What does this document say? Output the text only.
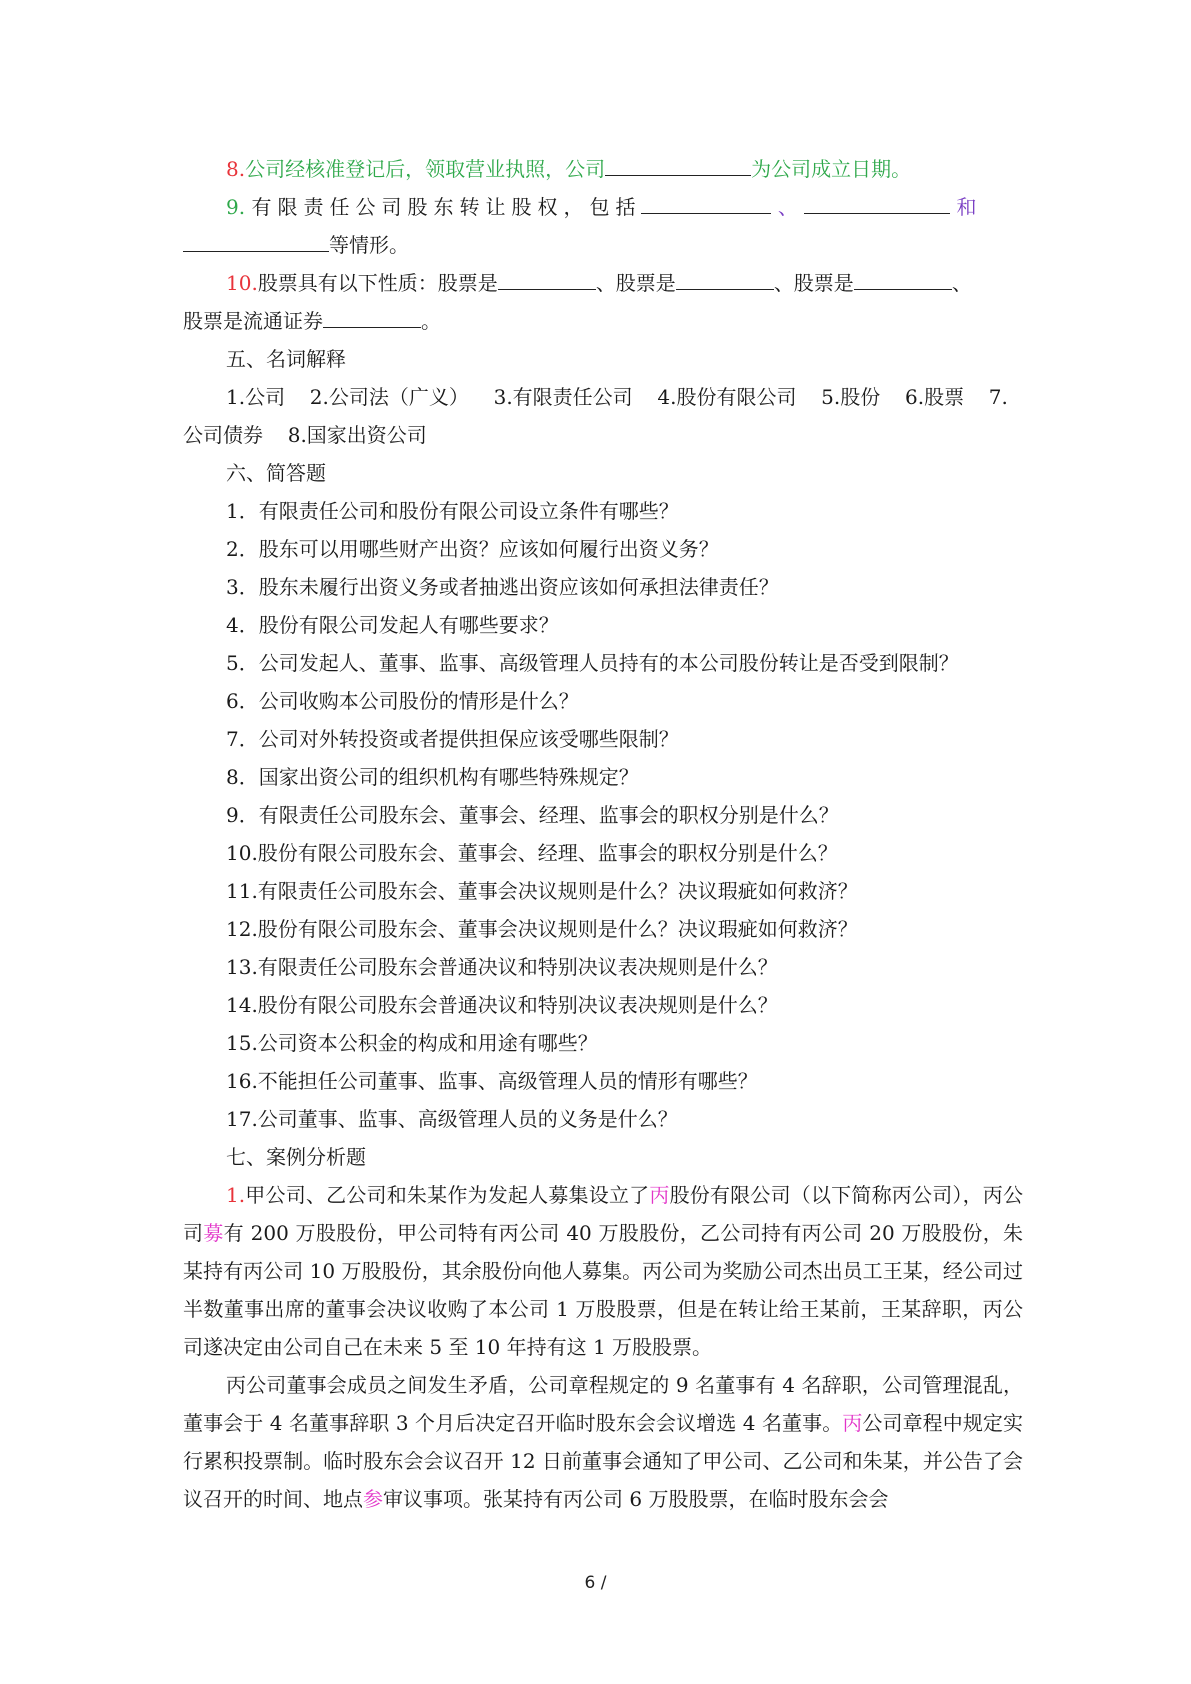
8.公司经核准登记后，领取营业执照，公司	为公司成立日期。

9. 有限责任公司股东转让股权，包括	、	和

等情形。

10.股票具有以下性质：股票是	、股票是	、股票是	、

股票是流通证券	。

五、名词解释

1.公司  2.公司法（广义）  3.有限责任公司  4.股份有限公司  5.股份  6.股票  7.

公司债券  8.国家出资公司

六、简答题

1．有限责任公司和股份有限公司设立条件有哪些？

2．股东可以用哪些财产出资？应该如何履行出资义务？

3．股东未履行出资义务或者抽逃出资应该如何承担法律责任？

4．股份有限公司发起人有哪些要求？

5．公司发起人、董事、监事、高级管理人员持有的本公司股份转让是否受到限制？

6．公司收购本公司股份的情形是什么？

7．公司对外转投资或者提供担保应该受哪些限制？

8．国家出资公司的组织机构有哪些特殊规定？

9．有限责任公司股东会、董事会、经理、监事会的职权分别是什么？

10.股份有限公司股东会、董事会、经理、监事会的职权分别是什么？

11.有限责任公司股东会、董事会决议规则是什么？决议瑕疵如何救济？

12.股份有限公司股东会、董事会决议规则是什么？决议瑕疵如何救济？

13.有限责任公司股东会普通决议和特别决议表决规则是什么？

14.股份有限公司股东会普通决议和特别决议表决规则是什么？

15.公司资本公积金的构成和用途有哪些？

16.不能担任公司董事、监事、高级管理人员的情形有哪些？

17.公司董事、监事、高级管理人员的义务是什么？

七、案例分析题

1.甲公司、乙公司和朱某作为发起人募集设立了丙股份有限公司（以下简称丙公司），丙公司募有 200 万股股份，甲公司特有丙公司 40 万股股份，乙公司持有丙公司 20 万股股份，朱某持有丙公司 10 万股股份，其余股份向他人募集。丙公司为奖励公司杰出员工王某，经公司过半数董事出席的董事会决议收购了本公司 1 万股股票，但是在转让给王某前，王某辞职，丙公司遂决定由公司自己在未来 5 至 10 年持有这 1 万股股票。

丙公司董事会成员之间发生矛盾，公司章程规定的 9 名董事有 4 名辞职，公司管理混乱，董事会于 4 名董事辞职 3 个月后决定召开临时股东会会议增选 4 名董事。丙公司章程中规定实行累积投票制。临时股东会会议召开 12 日前董事会通知了甲公司、乙公司和朱某，并公告了会议召开的时间、地点参审议事项。张某持有丙公司 6 万股股票，在临时股东会会

6 /
